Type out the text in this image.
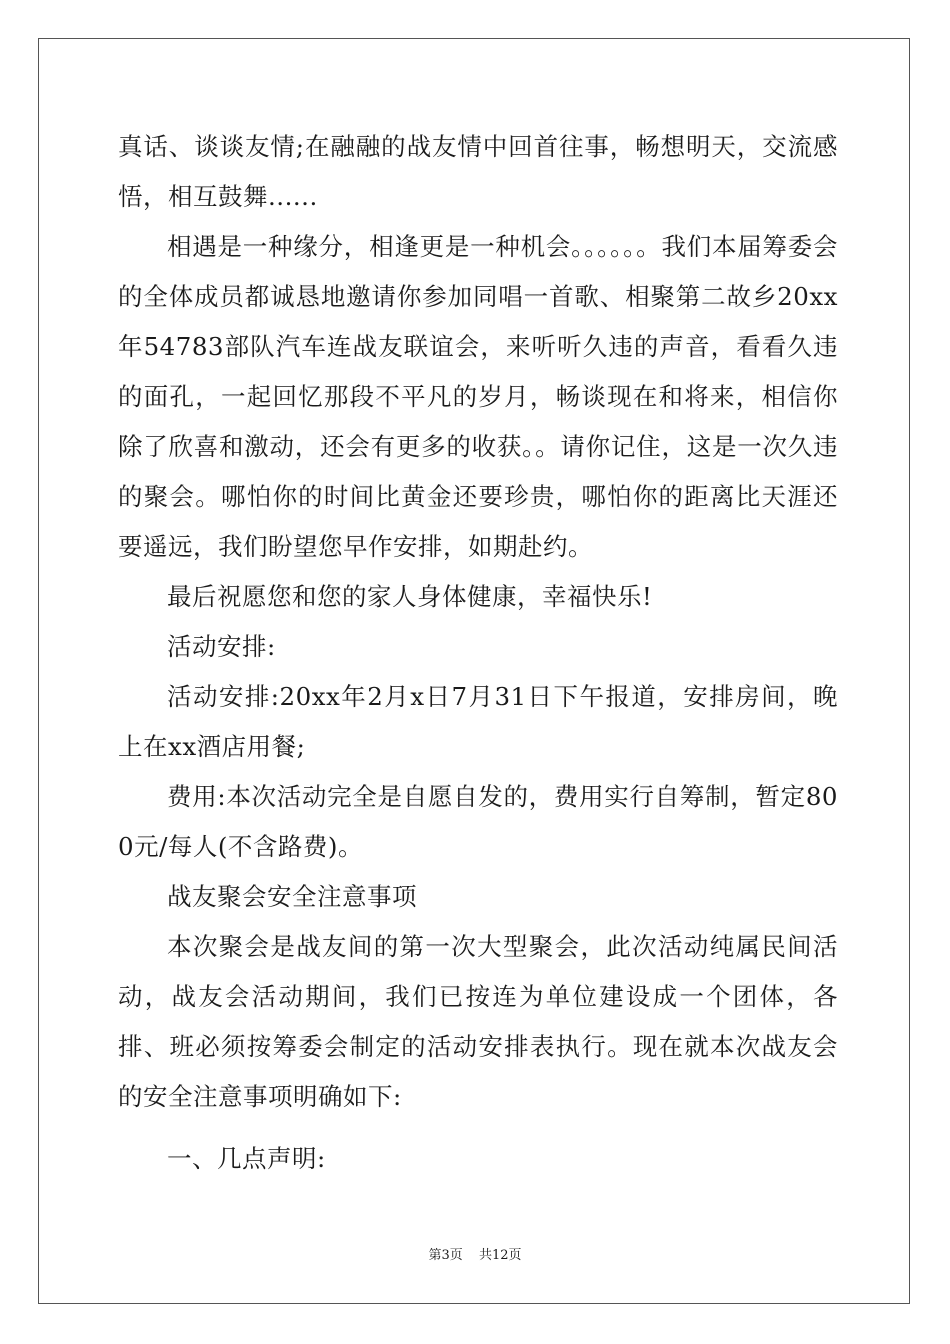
真话、谈谈友情;在融融的战友情中回首往事，畅想明天，交流感悟，相互鼓舞......

相遇是一种缘分，相逢更是一种机会。。。。。。我们本届筹委会的全体成员都诚恳地邀请你参加同唱一首歌、相聚第二故乡20xx年54783部队汽车连战友联谊会，来听听久违的声音，看看久违的面孔，一起回忆那段不平凡的岁月，畅谈现在和将来，相信你除了欣喜和激动，还会有更多的收获。。请你记住，这是一次久违的聚会。哪怕你的时间比黄金还要珍贵，哪怕你的距离比天涯还要遥远，我们盼望您早作安排，如期赴约。

最后祝愿您和您的家人身体健康，幸福快乐!

活动安排:

活动安排:20xx年2月x日7月31日下午报道，安排房间，晚上在xx酒店用餐;

费用:本次活动完全是自愿自发的，费用实行自筹制，暂定800元/每人(不含路费)。

战友聚会安全注意事项

本次聚会是战友间的第一次大型聚会，此次活动纯属民间活动，战友会活动期间，我们已按连为单位建设成一个团体，各排、班必须按筹委会制定的活动安排表执行。现在就本次战友会的安全注意事项明确如下:

一、几点声明:

第3页 共12页
